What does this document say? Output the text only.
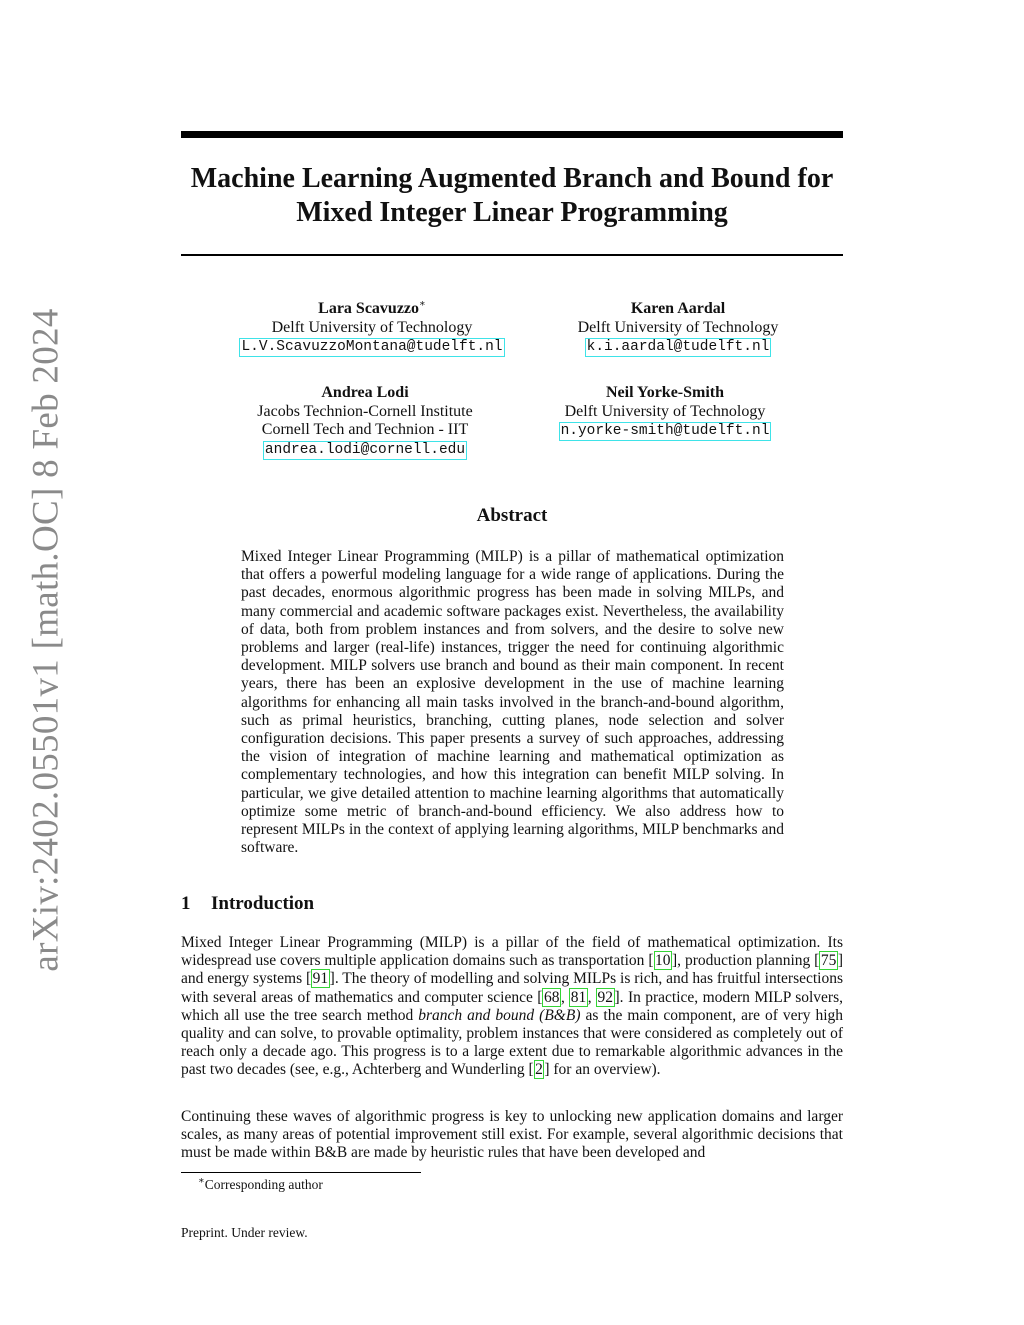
arXiv:2402.05501v1 [math.OC] 8 Feb 2024
Machine Learning Augmented Branch and Bound for
Mixed Integer Linear Programming
Lara Scavuzzo∗
Delft University of Technology
L.V.ScavuzzoMontana@tudelft.nl
Karen Aardal
Delft University of Technology
k.i.aardal@tudelft.nl
Andrea Lodi
Jacobs Technion-Cornell Institute
Cornell Tech and Technion - IIT
andrea.lodi@cornell.edu
Neil Yorke-Smith
Delft University of Technology
n.yorke-smith@tudelft.nl
Abstract

Mixed Integer Linear Programming (MILP) is a pillar of mathematical optimization that offers a powerful modeling language for a wide range of applications. During the past decades, enormous algorithmic progress has been made in solving MILPs, and many commercial and academic software packages exist. Nevertheless, the availability of data, both from problem instances and from solvers, and the desire to solve new problems and larger (real-life) instances, trigger the need for continuing algorithmic development. MILP solvers use branch and bound as their main component. In recent years, there has been an explosive development in the use of machine learning algorithms for enhancing all main tasks involved in the branch-and-bound algorithm, such as primal heuristics, branching, cutting planes, node selection and solver configuration decisions. This paper presents a survey of such approaches, addressing the vision of integration of machine learning and mathematical optimization as complementary technologies, and how this integration can benefit MILP solving. In particular, we give detailed attention to machine learning algorithms that automatically optimize some metric of branch-and-bound efficiency. We also address how to represent MILPs in the context of applying learning algorithms, MILP benchmarks and software.

1 Introduction

Mixed Integer Linear Programming (MILP) is a pillar of the field of mathematical optimization. Its widespread use covers multiple application domains such as transportation [10], production planning [75] and energy systems [91]. The theory of modelling and solving MILPs is rich, and has fruitful intersections with several areas of mathematics and computer science [68, 81, 92]. In practice, modern MILP solvers, which all use the tree search method branch and bound (B&B) as the main component, are of very high quality and can solve, to provable optimality, problem instances that were considered as completely out of reach only a decade ago. This progress is to a large extent due to remarkable algorithmic advances in the past two decades (see, e.g., Achterberg and Wunderling [2] for an overview).

Continuing these waves of algorithmic progress is key to unlocking new application domains and larger scales, as many areas of potential improvement still exist. For example, several algorithmic decisions that must be made within B&B are made by heuristic rules that have been developed and

∗Corresponding author

Preprint. Under review.
